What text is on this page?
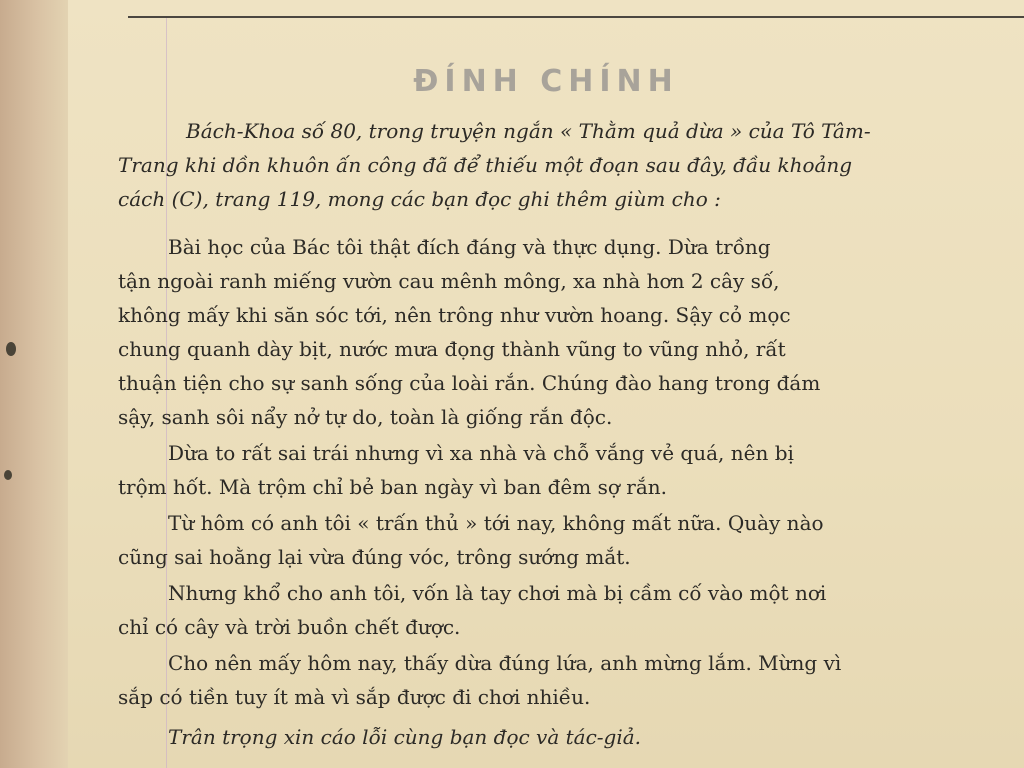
ĐÍNH CHÍNH
Bách-Khoa số 80, trong truyện ngắn « Thằm quả dừa » của Tô Tâm-
Trang khi dồn khuôn ấn công đã để thiếu một đoạn sau đây, đầu khoảng
cách (C), trang 119, mong các bạn đọc ghi thêm giùm cho :
Bài học của Bác tôi thật đích đáng và thực dụng. Dừa trồng
tận ngoài ranh miếng vườn cau mênh mông, xa nhà hơn 2 cây số,
không mấy khi săn sóc tới, nên trông như vườn hoang. Sậy cỏ mọc
chung quanh dày bịt, nước mưa đọng thành vũng to vũng nhỏ, rất
thuận tiện cho sự sanh sống của loài rắn. Chúng đào hang trong đám
sậy, sanh sôi nẩy nở tự do, toàn là giống rắn độc.
Dừa to rất sai trái nhưng vì xa nhà và chỗ vắng vẻ quá, nên bị
trộm hốt. Mà trộm chỉ bẻ ban ngày vì ban đêm sợ rắn.
Từ hôm có anh tôi « trấn thủ » tới nay, không mất nữa. Quày nào
cũng sai hoằng lại vừa đúng vóc, trông sướng mắt.
Nhưng khổ cho anh tôi, vốn là tay chơi mà bị cầm cố vào một nơi
chỉ có cây và trời buồn chết được.
Cho nên mấy hôm nay, thấy dừa đúng lứa, anh mừng lắm. Mừng vì
sắp có tiền tuy ít mà vì sắp được đi chơi nhiều.
Trân trọng xin cáo lỗi cùng bạn đọc và tác-giả.
